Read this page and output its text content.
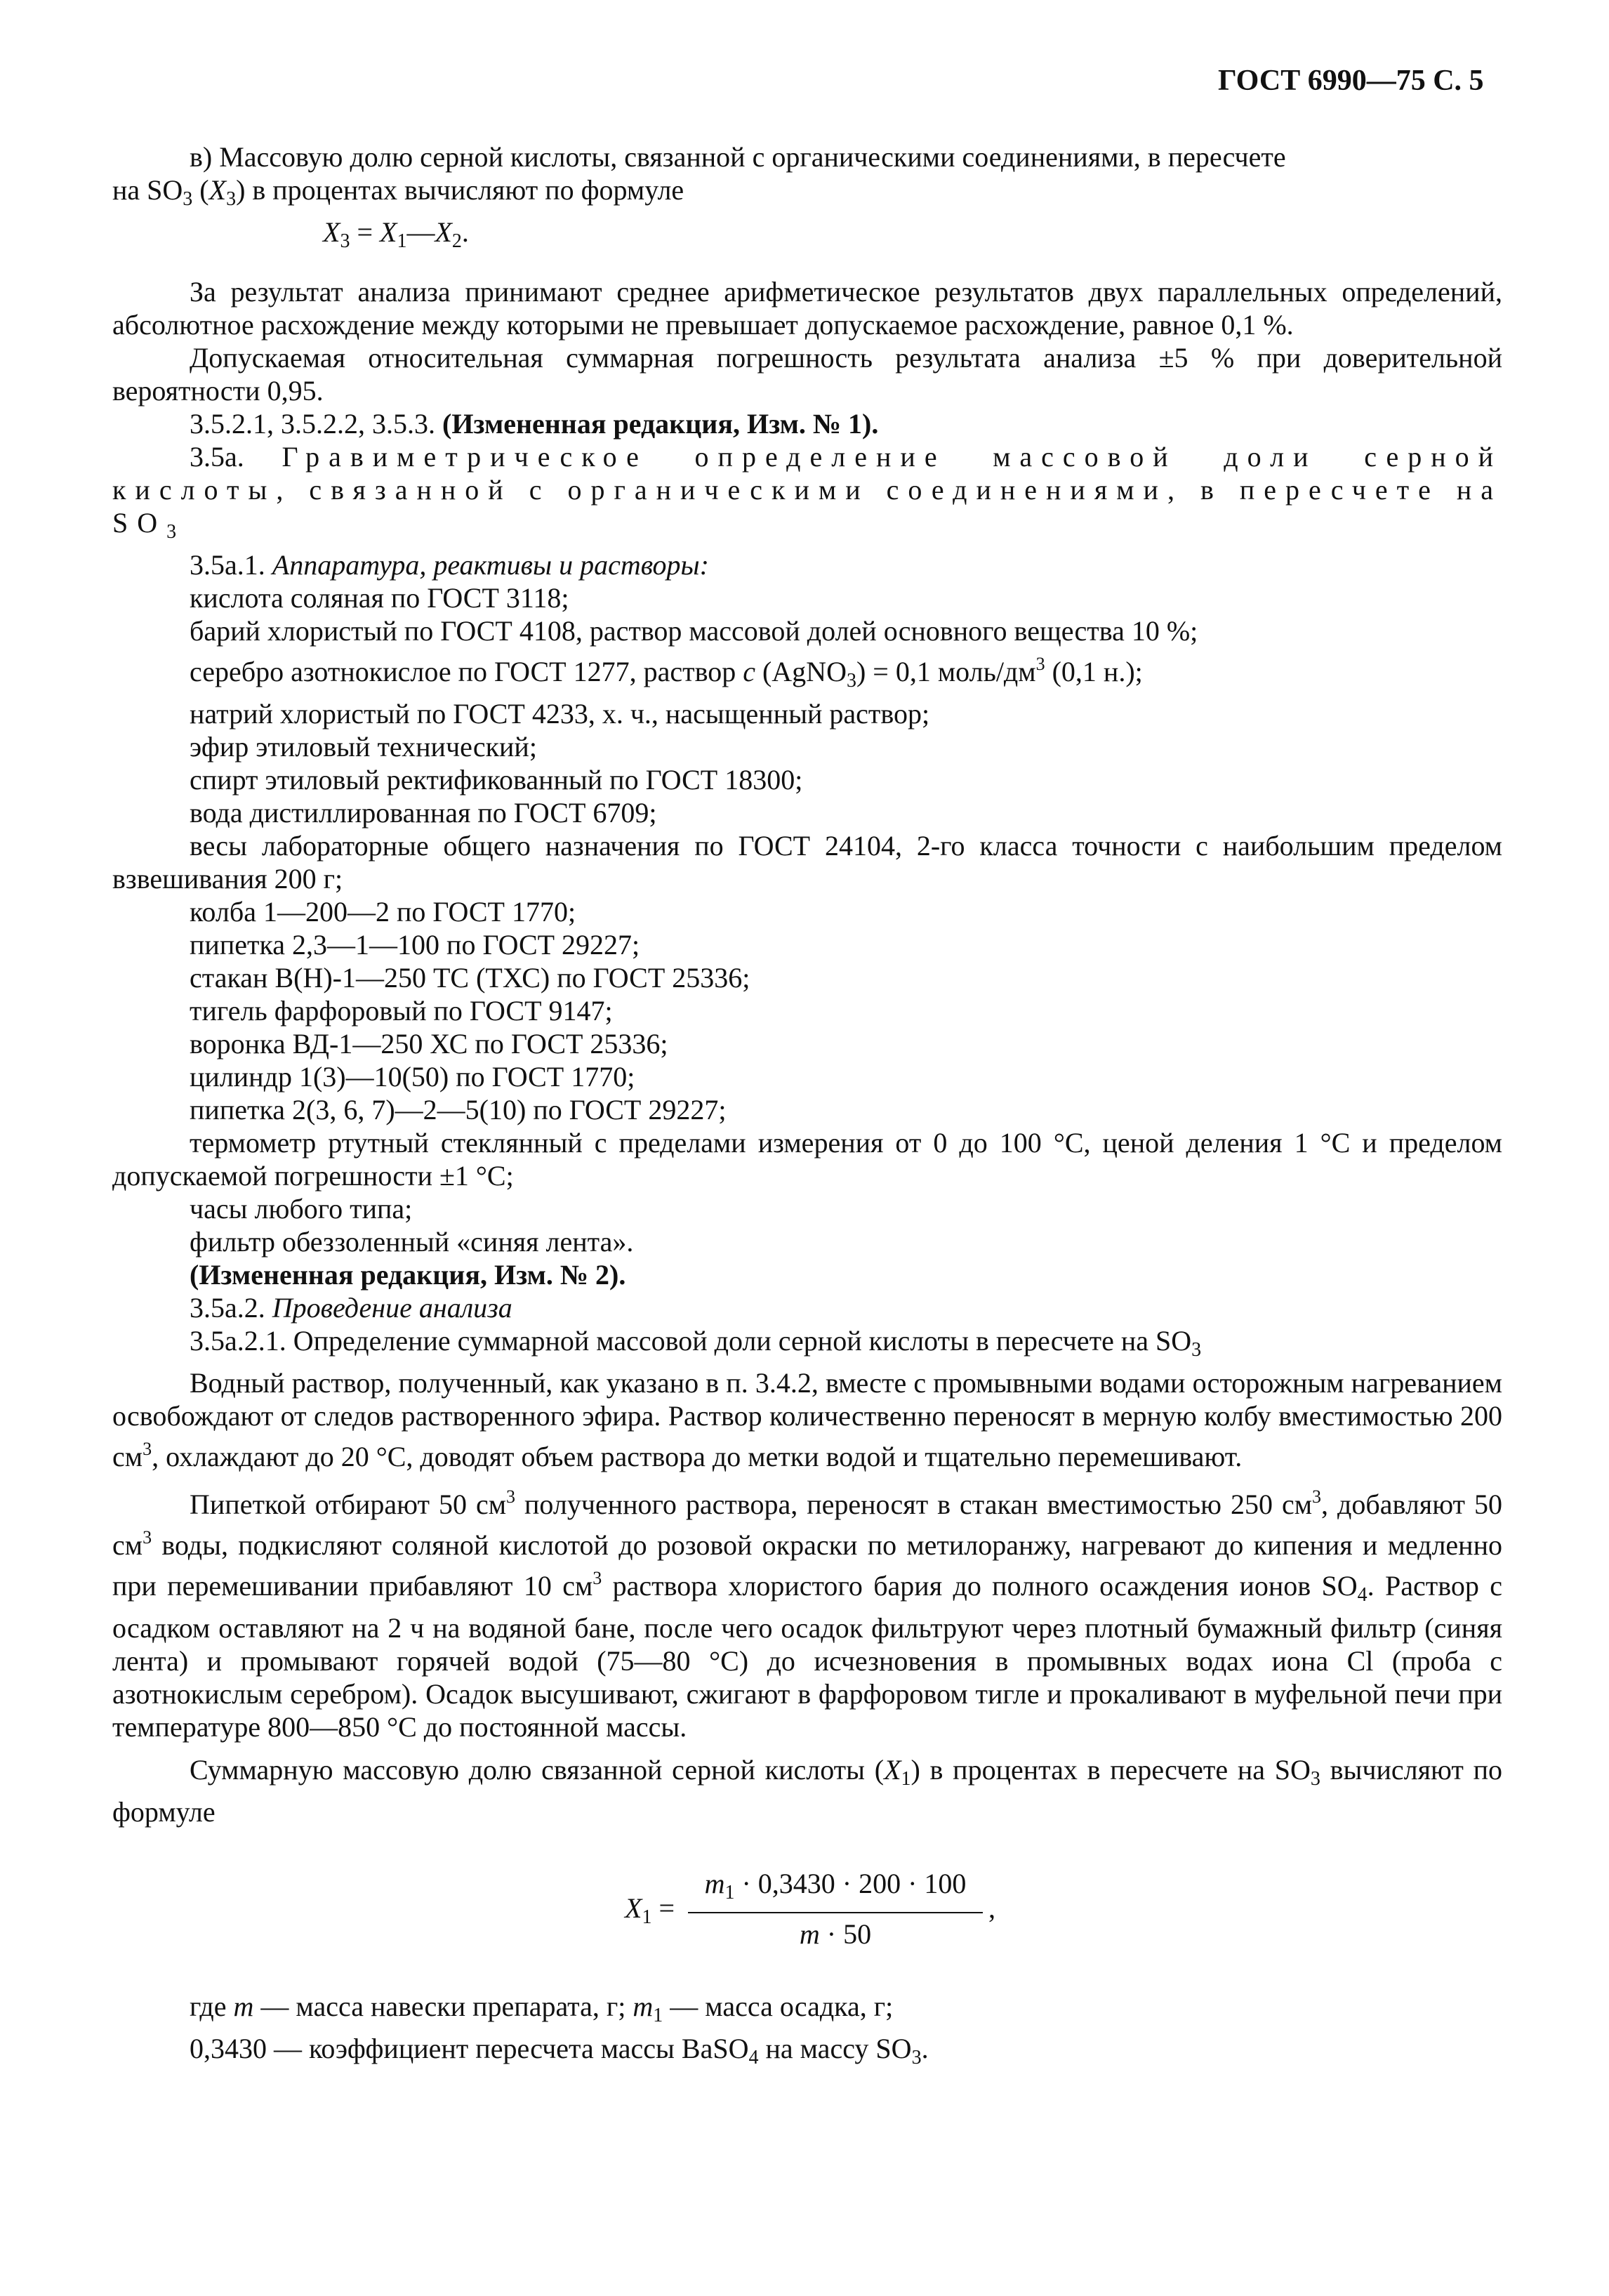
ГОСТ 6990—75 С. 5

в) Массовую долю серной кислоты, связанной с органическими соединениями, в пересчете
на $SO_3$ $(X_3)$ в процентах вычисляют по формуле

$X_3$ = $X_1—X_2$.

За результат анализа принимают среднее арифметическое результатов двух параллельных определений, абсолютное расхождение между которыми не превышает допускаемое расхождение, равное 0,1 %.

Допускаемая относительная суммарная погрешность результата анализа ±5 % при доверительной вероятности 0,95.

3.5.2.1, 3.5.2.2, 3.5.3. (Измененная редакция, Изм. № 1).

3.5а. Гравиметрическое определение массовой доли серной кислоты, связанной с органическими соединениями, в пересчете на $SO_3$

3.5а.1. Аппаратура, реактивы и растворы:

кислота соляная по ГОСТ 3118;

барий хлористый по ГОСТ 4108, раствор массовой долей основного вещества 10 %;

серебро азотнокислое по ГОСТ 1277, раствор с (AgNO$_3$) = 0,1 моль/$дм^3$ (0,1 н.);

натрий хлористый по ГОСТ 4233, х. ч., насыщенный раствор;

эфир этиловый технический;

спирт этиловый ректификованный по ГОСТ 18300;

вода дистиллированная по ГОСТ 6709;

весы лабораторные общего назначения по ГОСТ 24104, 2-го класса точности с наибольшим пределом взвешивания 200 г;

колба 1—200—2 по ГОСТ 1770;

пипетка 2,3—1—100 по ГОСТ 29227;

стакан В(Н)-1—250 ТС (ТХС) по ГОСТ 25336;

тигель фарфоровый по ГОСТ 9147;

воронка ВД-1—250 ХС по ГОСТ 25336;

цилиндр 1(3)—10(50) по ГОСТ 1770;

пипетка 2(3, 6, 7)—2—5(10) по ГОСТ 29227;

термометр ртутный стеклянный с пределами измерения от 0 до 100 °С, ценой деления 1 °С и пределом допускаемой погрешности ±1 °С;

часы любого типа;

фильтр обеззоленный «синяя лента».

(Измененная редакция, Изм. № 2).

3.5а.2. Проведение анализа

3.5а.2.1. Определение суммарной массовой доли серной кислоты в пересчете на $SO_3$

Водный раствор, полученный, как указано в п. 3.4.2, вместе с промывными водами осторожным нагреванием освобождают от следов растворенного эфира. Раствор количественно переносят в мерную колбу вместимостью 200 $см^3$, охлаждают до 20 °С, доводят объем раствора до метки водой и тщательно перемешивают.

Пипеткой отбирают 50 $см^3$ полученного раствора, переносят в стакан вместимостью 250 $см^3$, добавляют 50 $см^3$ воды, подкисляют соляной кислотой до розовой окраски по метилоранжу, нагревают до кипения и медленно при перемешивании прибавляют 10 $см^3$ раствора хлористого бария до полного осаждения ионов $SO_4$. Раствор с осадком оставляют на 2 ч на водяной бане, после чего осадок фильтруют через плотный бумажный фильтр (синяя лента) и промывают горячей водой (75—80 °С) до исчезновения в промывных водах иона Cl (проба с азотнокислым серебром). Осадок высушивают, сжигают в фарфоровом тигле и прокаливают в муфельной печи при температуре 800—850 °С до постоянной массы.

Суммарную массовую долю связанной серной кислоты $(X_1)$ в процентах в пересчете на $SO_3$ вычисляют по формуле

$X_1 = \frac{m_1 \cdot 0,3430 \cdot 200 \cdot 100}{m \cdot 50}$ ,

где m — масса навески препарата, г; $m_1$ — масса осадка, г;

0,3430 — коэффициент пересчета массы BaSO$_4$ на массу $SO_3$.
